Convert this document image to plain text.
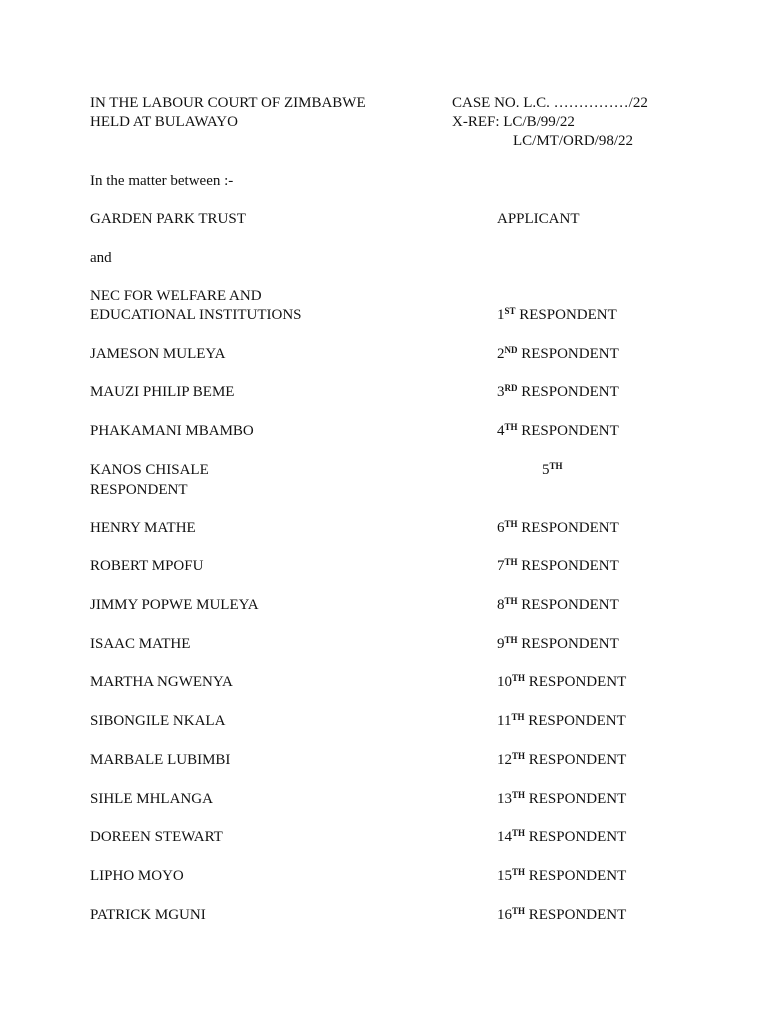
IN THE LABOUR COURT OF ZIMBABWE
HELD AT BULAWAYO
CASE NO. L.C. ……………/22
X-REF: LC/B/99/22
LC/MT/ORD/98/22
In the matter between :-
GARDEN PARK TRUST	APPLICANT
and
NEC FOR WELFARE AND
EDUCATIONAL INSTITUTIONS	1ST RESPONDENT
JAMESON MULEYA	2ND RESPONDENT
MAUZI PHILIP BEME	3RD RESPONDENT
PHAKAMANI MBAMBO	4TH RESPONDENT
KANOS CHISALE	5TH
RESPONDENT
HENRY MATHE	6TH RESPONDENT
ROBERT MPOFU	7TH RESPONDENT
JIMMY POPWE MULEYA	8TH RESPONDENT
ISAAC MATHE	9TH RESPONDENT
MARTHA NGWENYA	10TH RESPONDENT
SIBONGILE NKALA	11TH RESPONDENT
MARBALE LUBIMBI	12TH RESPONDENT
SIHLE MHLANGA	13TH RESPONDENT
DOREEN STEWART	14TH RESPONDENT
LIPHO MOYO	15TH RESPONDENT
PATRICK MGUNI	16TH RESPONDENT
